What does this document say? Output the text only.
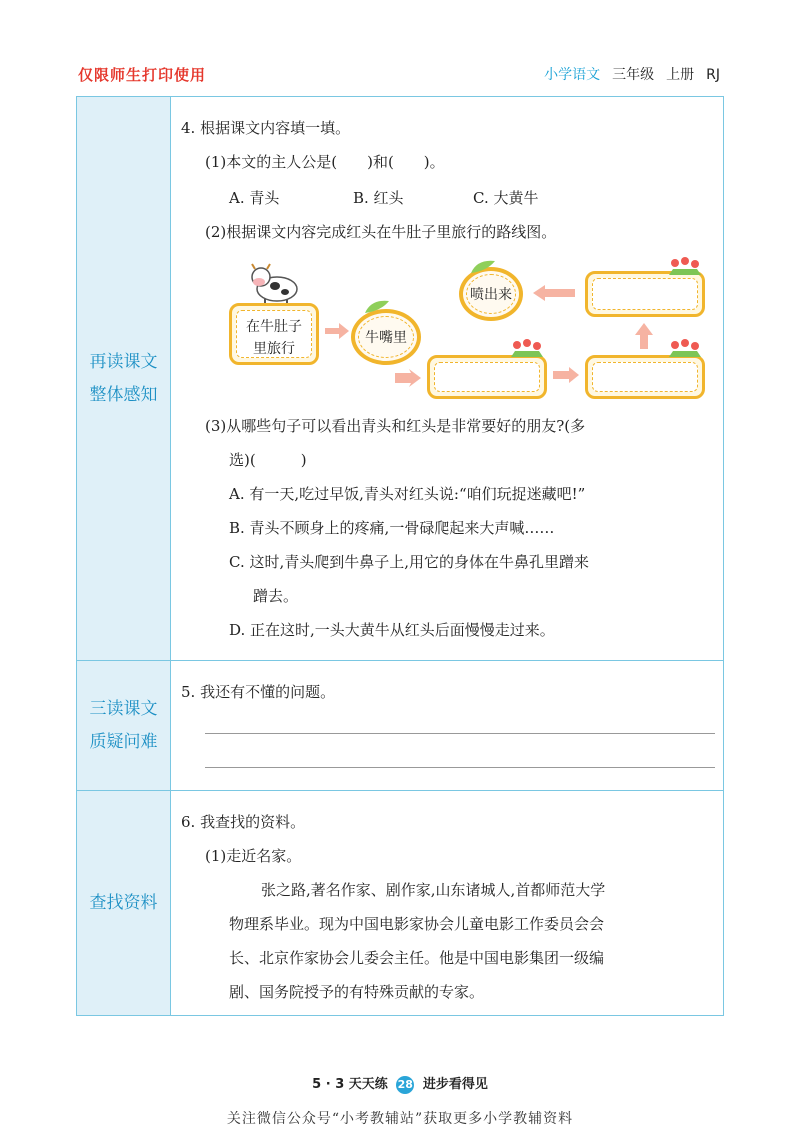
仅限师生打印使用	小学语文 三年级 上册 RJ
再读课文
整体感知
4. 根据课文内容填一填。
(1)本文的主人公是(　　)和(　　)。
A. 青头	B. 红头	C. 大黄牛
(2)根据课文内容完成红头在牛肚子里旅行的路线图。
在牛肚子
里旅行
牛嘴里
喷出来
(3)从哪些句子可以看出青头和红头是非常要好的朋友?(多
选)(　　　)
A. 有一天,吃过早饭,青头对红头说:“咱们玩捉迷藏吧!”
B. 青头不顾身上的疼痛,一骨碌爬起来大声喊……
C. 这时,青头爬到牛鼻子上,用它的身体在牛鼻孔里蹭来
蹭去。
D. 正在这时,一头大黄牛从红头后面慢慢走过来。
三读课文
质疑问难
5. 我还有不懂的问题。
查找资料
6. 我查找的资料。
(1)走近名家。
张之路,著名作家、剧作家,山东诸城人,首都师范大学
物理系毕业。现为中国电影家协会儿童电影工作委员会会
长、北京作家协会儿委会主任。他是中国电影集团一级编
剧、国务院授予的有特殊贡献的专家。
5 · 3 天天练 28 进步看得见
关注微信公众号“小考教辅站”获取更多小学教辅资料
